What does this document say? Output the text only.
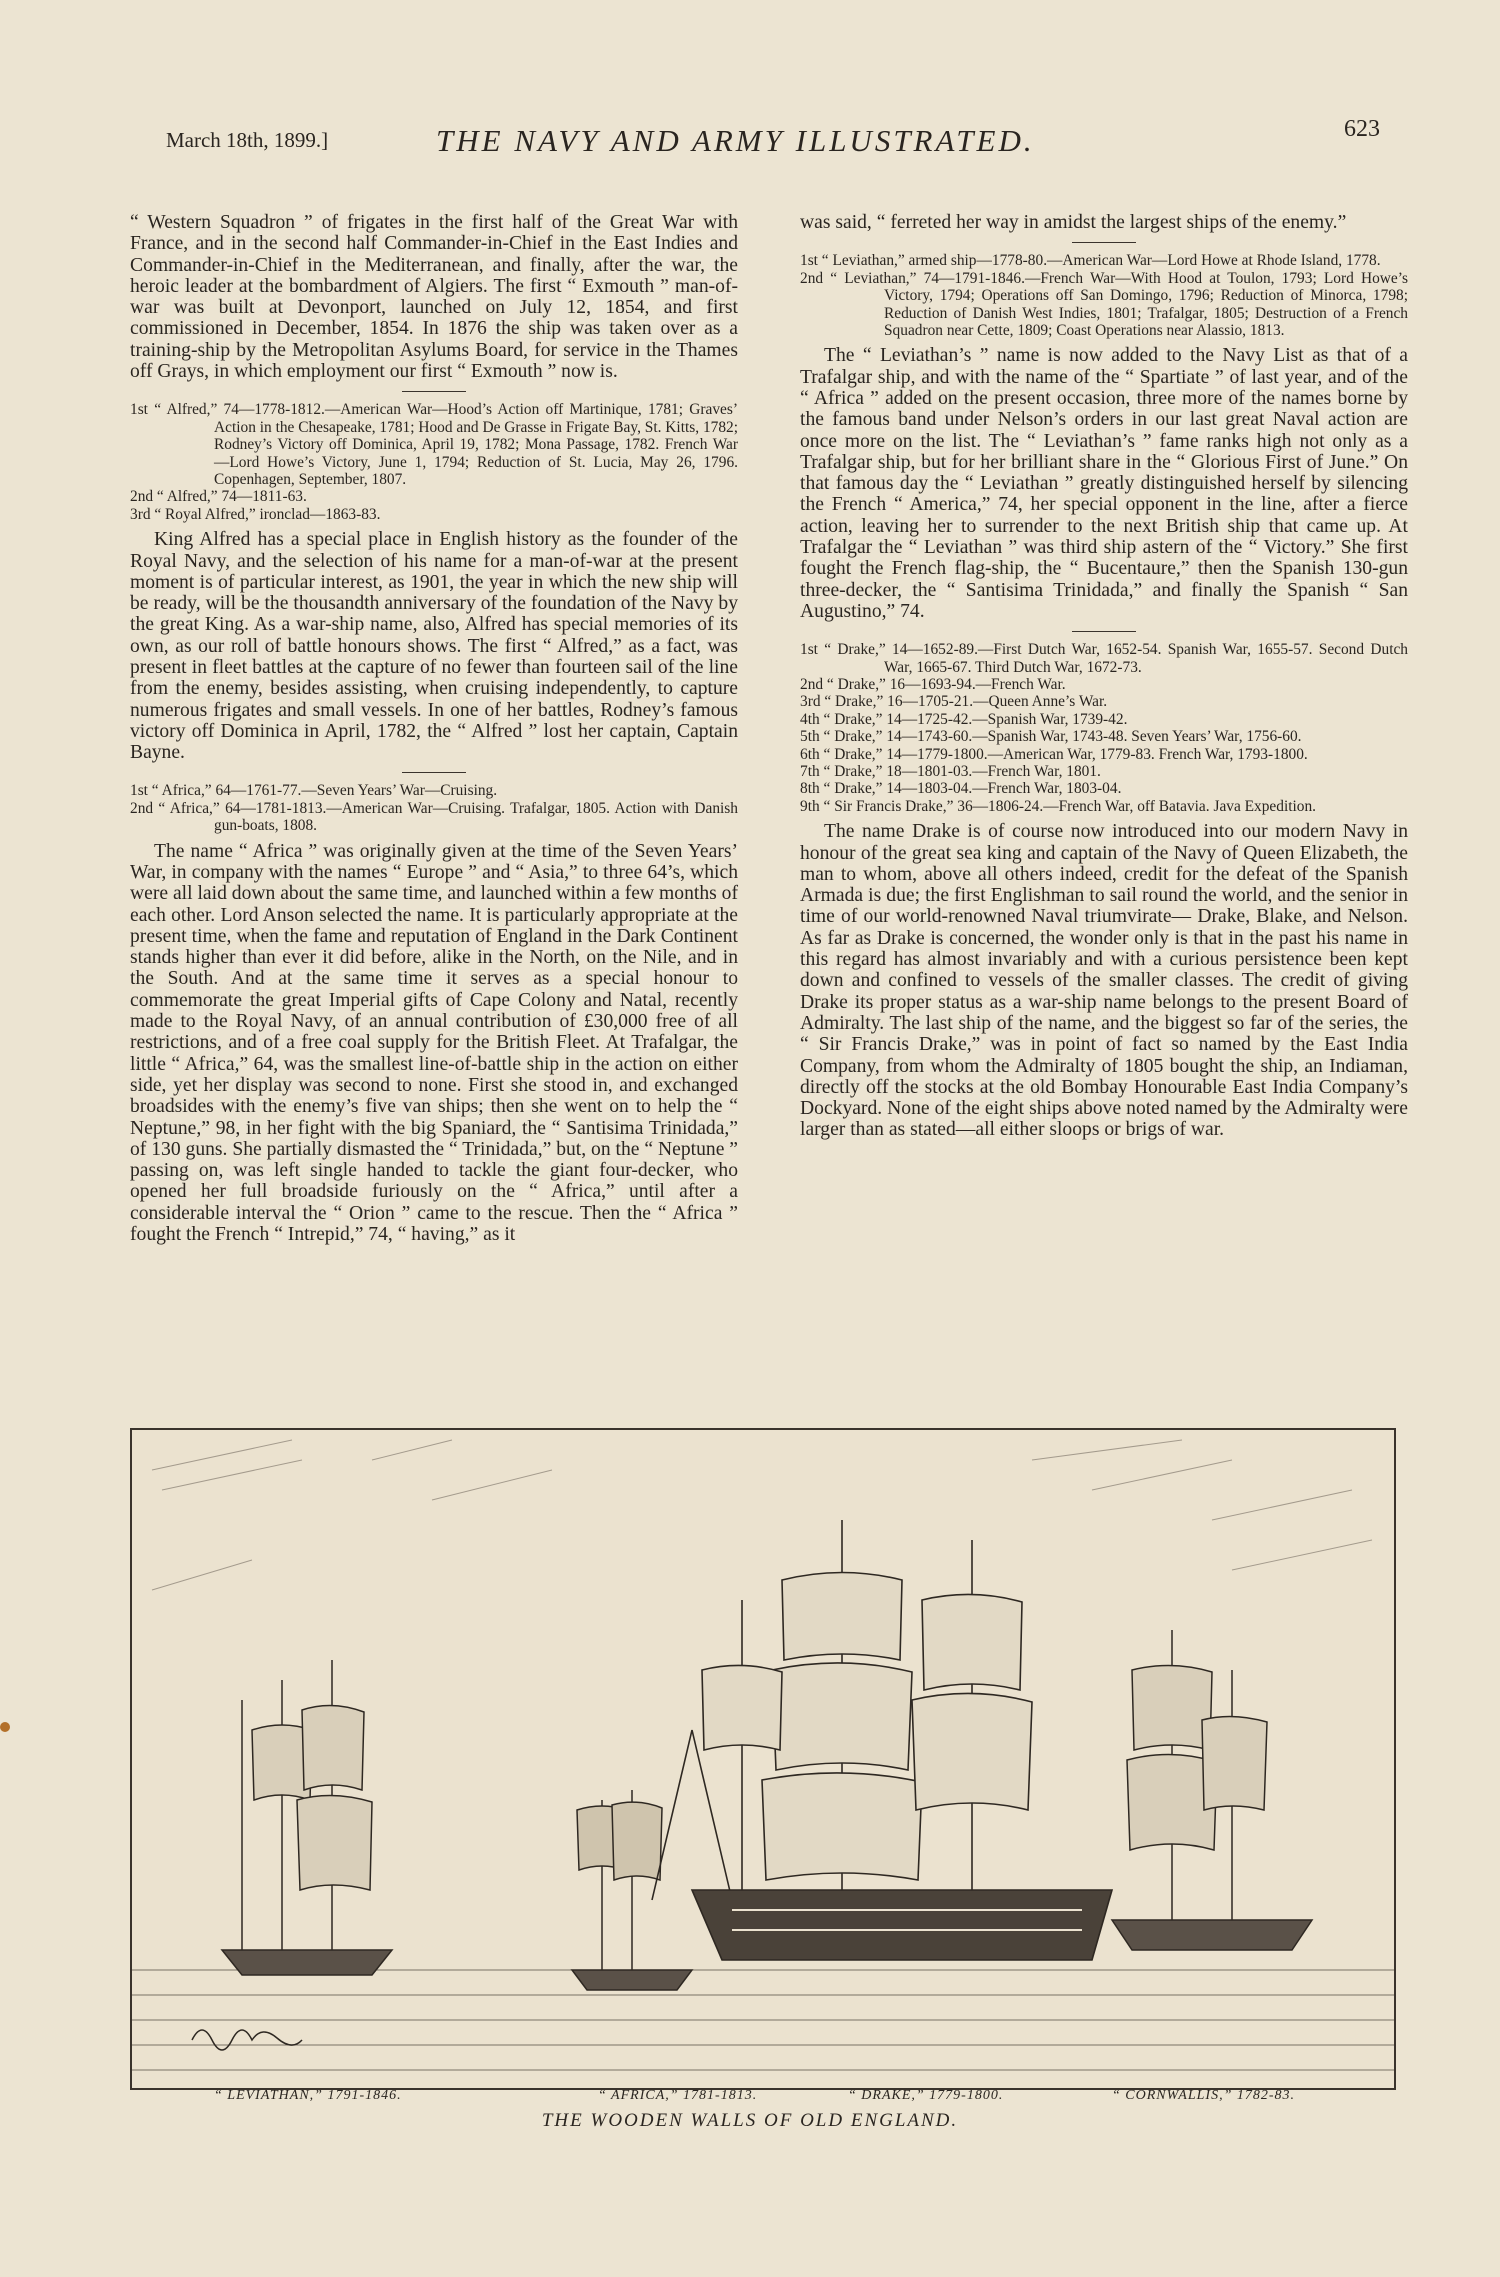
March 18th, 1899.]	THE NAVY AND ARMY ILLUSTRATED.	623

“ Western Squadron ” of frigates in the first half of the Great War with France, and in the second half Commander-in-Chief in the East Indies and Commander-in-Chief in the Mediterranean, and finally, after the war, the heroic leader at the bombardment of Algiers. The first “ Exmouth ” man-of-war was built at Devonport, launched on July 12, 1854, and first commissioned in December, 1854. In 1876 the ship was taken over as a training-ship by the Metropolitan Asylums Board, for service in the Thames off Grays, in which employment our first “ Exmouth ” now is.

1st “ Alfred,” 74—1778-1812.—American War—Hood’s Action off Martinique, 1781; Graves’ Action in the Chesapeake, 1781; Hood and De Grasse in Frigate Bay, St. Kitts, 1782; Rodney’s Victory off Dominica, April 19, 1782; Mona Passage, 1782. French War —Lord Howe’s Victory, June 1, 1794; Reduction of St. Lucia, May 26, 1796. Copenhagen, September, 1807.
2nd “ Alfred,” 74—1811-63.
3rd “ Royal Alfred,” ironclad—1863-83.

King Alfred has a special place in English history as the founder of the Royal Navy, and the selection of his name for a man-of-war at the present moment is of particular interest, as 1901, the year in which the new ship will be ready, will be the thousandth anniversary of the foundation of the Navy by the great King. As a war-ship name, also, Alfred has special memories of its own, as our roll of battle honours shows. The first “ Alfred,” as a fact, was present in fleet battles at the capture of no fewer than fourteen sail of the line from the enemy, besides assisting, when cruising independently, to capture numerous frigates and small vessels. In one of her battles, Rodney’s famous victory off Dominica in April, 1782, the “ Alfred ” lost her captain, Captain Bayne.

1st “ Africa,” 64—1761-77.—Seven Years’ War—Cruising.
2nd “ Africa,” 64—1781-1813.—American War—Cruising. Trafalgar, 1805. Action with Danish gun-boats, 1808.

The name “ Africa ” was originally given at the time of the Seven Years’ War, in company with the names “ Europe ” and “ Asia,” to three 64’s, which were all laid down about the same time, and launched within a few months of each other. Lord Anson selected the name. It is particularly appropriate at the present time, when the fame and reputation of England in the Dark Continent stands higher than ever it did before, alike in the North, on the Nile, and in the South. And at the same time it serves as a special honour to commemorate the great Imperial gifts of Cape Colony and Natal, recently made to the Royal Navy, of an annual contribution of £30,000 free of all restrictions, and of a free coal supply for the British Fleet. At Trafalgar, the little “ Africa,” 64, was the smallest line-of-battle ship in the action on either side, yet her display was second to none. First she stood in, and exchanged broadsides with the enemy’s five van ships; then she went on to help the “ Neptune,” 98, in her fight with the big Spaniard, the “ Santisima Trinidada,” of 130 guns. She partially dismasted the “ Trinidada,” but, on the “ Neptune ” passing on, was left single handed to tackle the giant four-decker, who opened her full broadside furiously on the “ Africa,” until after a considerable interval the “ Orion ” came to the rescue. Then the “ Africa ” fought the French “ Intrepid,” 74, “ having,” as it

was said, “ ferreted her way in amidst the largest ships of the enemy.”

1st “ Leviathan,” armed ship—1778-80.—American War—Lord Howe at Rhode Island, 1778.
2nd “ Leviathan,” 74—1791-1846.—French War—With Hood at Toulon, 1793; Lord Howe’s Victory, 1794; Operations off San Domingo, 1796; Reduction of Minorca, 1798; Reduction of Danish West Indies, 1801; Trafalgar, 1805; Destruction of a French Squadron near Cette, 1809; Coast Operations near Alassio, 1813.

The “ Leviathan’s ” name is now added to the Navy List as that of a Trafalgar ship, and with the name of the “ Spartiate ” of last year, and of the “ Africa ” added on the present occasion, three more of the names borne by the famous band under Nelson’s orders in our last great Naval action are once more on the list. The “ Leviathan’s ” fame ranks high not only as a Trafalgar ship, but for her brilliant share in the “ Glorious First of June.” On that famous day the “ Leviathan ” greatly distinguished herself by silencing the French “ America,” 74, her special opponent in the line, after a fierce action, leaving her to surrender to the next British ship that came up. At Trafalgar the “ Leviathan ” was third ship astern of the “ Victory.” She first fought the French flag-ship, the “ Bucentaure,” then the Spanish 130-gun three-decker, the “ Santisima Trinidada,” and finally the Spanish “ San Augustino,” 74.

1st “ Drake,” 14—1652-89.—First Dutch War, 1652-54. Spanish War, 1655-57. Second Dutch War, 1665-67. Third Dutch War, 1672-73.
2nd “ Drake,” 16—1693-94.—French War.
3rd “ Drake,” 16—1705-21.—Queen Anne’s War.
4th “ Drake,” 14—1725-42.—Spanish War, 1739-42.
5th “ Drake,” 14—1743-60.—Spanish War, 1743-48. Seven Years’ War, 1756-60.
6th “ Drake,” 14—1779-1800.—American War, 1779-83. French War, 1793-1800.
7th “ Drake,” 18—1801-03.—French War, 1801.
8th “ Drake,” 14—1803-04.—French War, 1803-04.
9th “ Sir Francis Drake,” 36—1806-24.—French War, off Batavia. Java Expedition.

The name Drake is of course now introduced into our modern Navy in honour of the great sea king and captain of the Navy of Queen Elizabeth, the man to whom, above all others indeed, credit for the defeat of the Spanish Armada is due; the first Englishman to sail round the world, and the senior in time of our world-renowned Naval triumvirate— Drake, Blake, and Nelson. As far as Drake is concerned, the wonder only is that in the past his name in this regard has almost invariably and with a curious persistence been kept down and confined to vessels of the smaller classes. The credit of giving Drake its proper status as a war-ship name belongs to the present Board of Admiralty. The last ship of the name, and the biggest so far of the series, the “ Sir Francis Drake,” was in point of fact so named by the East India Company, from whom the Admiralty of 1805 bought the ship, an Indiaman, directly off the stocks at the old Bombay Honourable East India Company’s Dockyard. None of the eight ships above noted named by the Admiralty were larger than as stated—all either sloops or brigs of war.

“ LEVIATHAN,” 1791-1846.	“ AFRICA,” 1781-1813.	“ DRAKE,” 1779-1800.	“ CORNWALLIS,” 1782-83.
THE WOODEN WALLS OF OLD ENGLAND.
